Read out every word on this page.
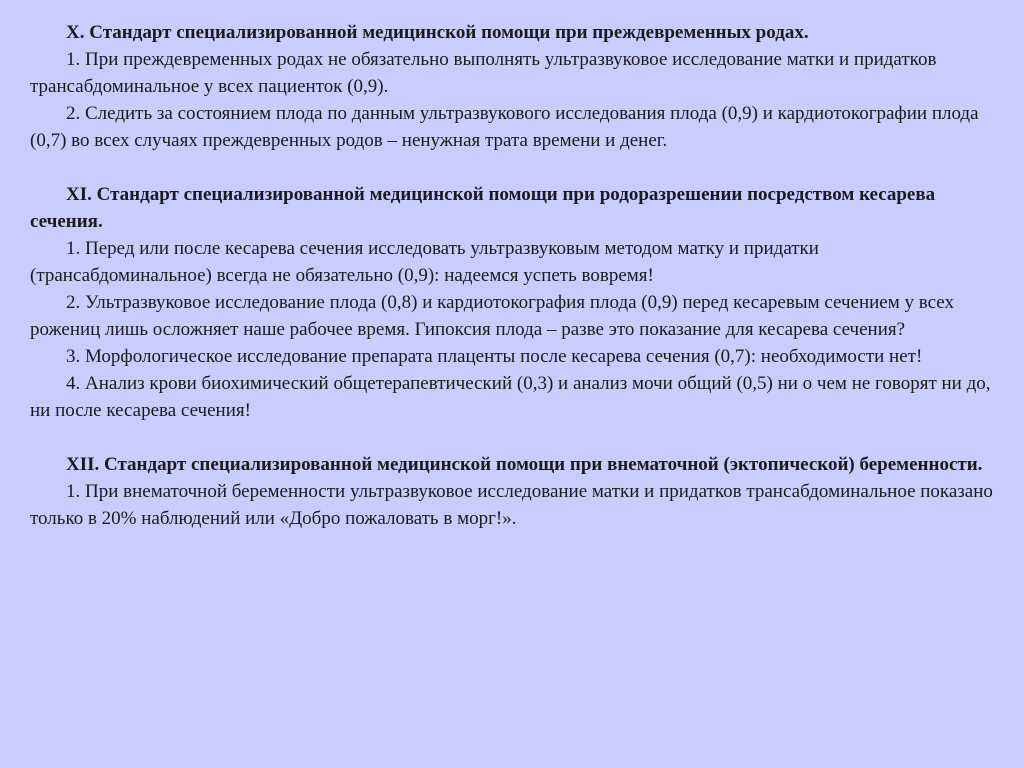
X. Стандарт специализированной медицинской помощи при преждевременных родах.

1. При преждевременных родах не обязательно выполнять ультразвуковое исследование матки и придатков трансабдоминальное у всех пациенток (0,9).

2. Следить за состоянием плода по данным ультразвукового исследования плода (0,9) и кардиотокографии плода (0,7) во всех случаях преждевренных родов – ненужная трата времени и денег.

XI. Стандарт специализированной медицинской помощи при родоразрешении посредством кесарева сечения.

1. Перед или после кесарева сечения исследовать ультразвуковым методом матку и придатки (трансабдоминальное) всегда не обязательно (0,9): надеемся успеть вовремя!

2. Ультразвуковое исследование плода (0,8) и кардиотокография плода (0,9) перед кесаревым сечением у всех рожениц лишь осложняет наше рабочее время. Гипоксия плода – разве это показание для кесарева сечения?

3. Морфологическое исследование препарата плаценты после кесарева сечения (0,7): необходимости нет!

4. Анализ крови биохимический общетерапевтический (0,3) и анализ мочи общий (0,5) ни о чем не говорят ни до, ни после кесарева сечения!

XII. Стандарт специализированной медицинской помощи при внематочной (эктопической) беременности.

1. При внематочной беременности ультразвуковое исследование матки и придатков трансабдоминальное показано только в 20% наблюдений или «Добро пожаловать в морг!».
